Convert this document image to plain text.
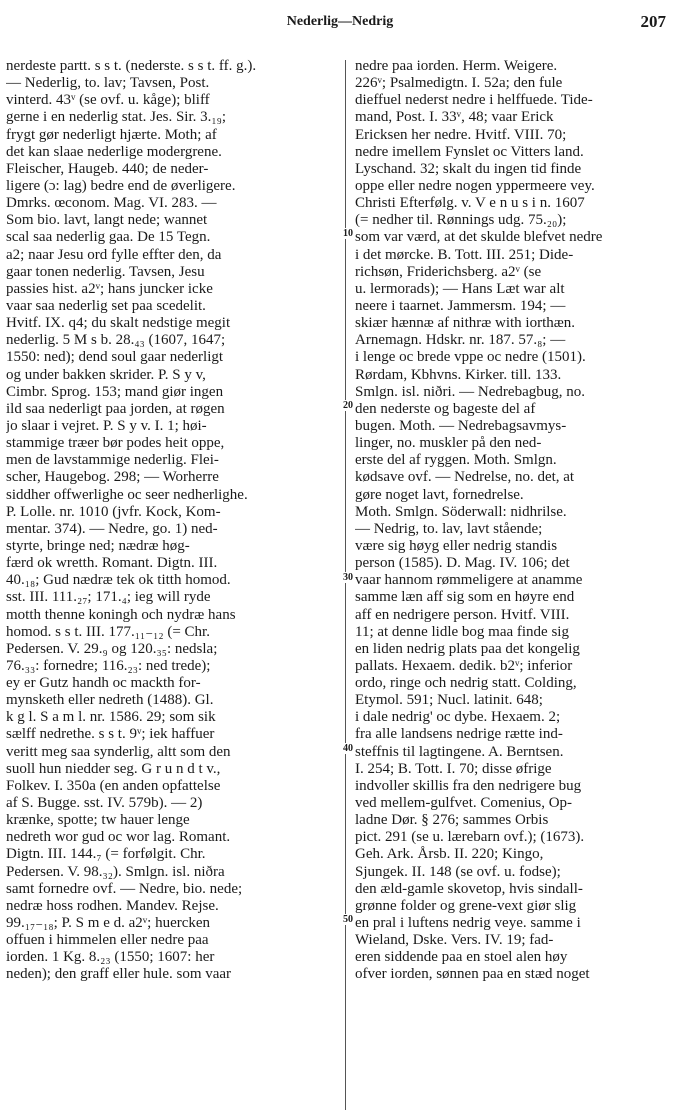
Nederlig—Nedrig	207
nerdeste partt. s s t. (nederste. s s t. ff. g.).
— Nederlig, to. lav; Tavsen, Post.
vinterd. 43ᵛ (se ovf. u. kåge); bliff
gerne i en nederlig stat. Jes. Sir. 3.₁₉;
frygt gør nederligt hjærte. Moth; af
det kan slaae nederlige modergrene.
Fleischer, Haugeb. 440; de neder-
ligere (ɔ: lag) bedre end de øverligere.
Dmrks. œconom. Mag. VI. 283. —
Som bio. lavt, langt nede; wannet
scal saa nederlig gaa. De 15 Tegn.
a2; naar Jesu ord fylle effter den, da
gaar tonen nederlig. Tavsen, Jesu
passies hist. a2ᵛ; hans juncker icke
vaar saa nederlig set paa scedelit.
Hvitf. IX. q4; du skalt nedstige megit
nederlig. 5 M s b. 28.₄₃ (1607, 1647;
1550: ned); dend soul gaar nederligt
og under bakken skrider. P. S y v,
Cimbr. Sprog. 153; mand giør ingen
ild saa nederligt paa jorden, at røgen
jo slaar i vejret. P. S y v. I. 1; høi-
stammige træer bør podes heit oppe,
men de lavstammige nederlig. Flei-
scher, Haugebog. 298; — Worherre
siddher offwerlighe oc seer nedherlighe.
P. Lolle. nr. 1010 (jvfr. Kock, Kom-
mentar. 374). — Nedre, go. 1) ned-
styrte, bringe ned; nædræ høg-
færd ok wretth. Romant. Digtn. III.
40.₁₈; Gud nædræ tek ok titth homod.
sst. III. 111.₂₇; 171.₄; ieg will ryde
motth thenne koningh och nydræ hans
homod. s s t. III. 177.₁₁₋₁₂ (= Chr.
Pedersen. V. 29.₉ og 120.₃₅: nedsla;
76.₃₃: fornedre; 116.₂₃: ned trede);
ey er Gutz handh oc mackth for-
mynsketh eller nedreth (1488). Gl.
k g l. S a m l. nr. 1586. 29; som sik
sælff nedrethe. s s t. 9ᵛ; iek haffuer
veritt meg saa synderlig, altt som den
suoll hun niedder seg. G r u n d t v.,
Folkev. I. 350a (en anden opfattelse
af S. Bugge. sst. IV. 579b). — 2)
krænke, spotte; tw hauer lenge
nedreth wor gud oc wor lag. Romant.
Digtn. III. 144.₇ (= forfølgit. Chr.
Pedersen. V. 98.₃₂). Smlgn. isl. niðra
samt fornedre ovf. — Nedre, bio. nede;
nedræ hoss rodhen. Mandev. Rejse.
99.₁₇₋₁₈; P. S m e d. a2ᵛ; huercken
offuen i himmelen eller nedre paa
iorden. 1 Kg. 8.₂₃ (1550; 1607: her
neden); den graff eller hule. som vaar
nedre paa iorden. Herm. Weigere.
226ᵛ; Psalmedigtn. I. 52a; den fule
dieffuel nederst nedre i helffuede. Tide-
mand, Post. I. 33ᵛ, 48; vaar Erick
Ericksen her nedre. Hvitf. VIII. 70;
nedre imellem Fynslet oc Vitters land.
Lyschand. 32; skalt du ingen tid finde
oppe eller nedre nogen yppermeere vey.
Christi Efterfølg. v. V e n u s i n. 1607
(= nedher til. Rønnings udg. 75.₂₀);
som var værd, at det skulde blefvet nedre
i det mørcke. B. Tott. III. 251; Dide-
richsøn, Friderichsberg. a2ᵛ (se
u. lermorads); — Hans Læt war alt
neere i taarnet. Jammersm. 194; —
skiær hænnæ af nithræ with iorthæn.
Arnemagn. Hdskr. nr. 187. 57.₈; —
i lenge oc brede vppe oc nedre (1501).
Rørdam, Kbhvns. Kirker. till. 133.
Smlgn. isl. niðri. — Nedrebagbug, no.
den nederste og bageste del af
bugen. Moth. — Nedrebagsavmys-
linger, no. muskler på den ned-
erste del af ryggen. Moth. Smlgn.
kødsave ovf. — Nedrelse, no. det, at
gøre noget lavt, fornedrelse.
Moth. Smlgn. Söderwall: nidhrilse.
— Nedrig, to. lav, lavt stående;
være sig høyg eller nedrig standis
person (1585). D. Mag. IV. 106; det
vaar hannom rømmeligere at anamme
samme læn aff sig som en høyre end
aff en nedrigere person. Hvitf. VIII.
11; at denne lidle bog maa finde sig
en liden nedrig plats paa det kongelig
pallats. Hexaem. dedik. b2ᵛ; inferior
ordo, ringe och nedrig statt. Colding,
Etymol. 591; Nucl. latinit. 648;
i dale nedrig' oc dybe. Hexaem. 2;
fra alle landsens nedrige rætte ind-
steffnis til lagtingene. A. Berntsen.
I. 254; B. Tott. I. 70; disse øfrige
indvoller skillis fra den nedrigere bug
ved mellem-gulfvet. Comenius, Op-
ladne Dør. § 276; sammes Orbis
pict. 291 (se u. lærebarn ovf.); (1673).
Geh. Ark. Årsb. II. 220; Kingo,
Sjungek. II. 148 (se ovf. u. fodse);
den æld-gamle skovetop, hvis sindall-
grønne folder og grene-vext giør slig
en pral i luftens nedrig veye. samme i
Wieland, Dske. Vers. IV. 19; fad-
eren siddende paa en stoel alen høy
ofver iorden, sønnen paa en stæd noget
10
20
30
40
50
